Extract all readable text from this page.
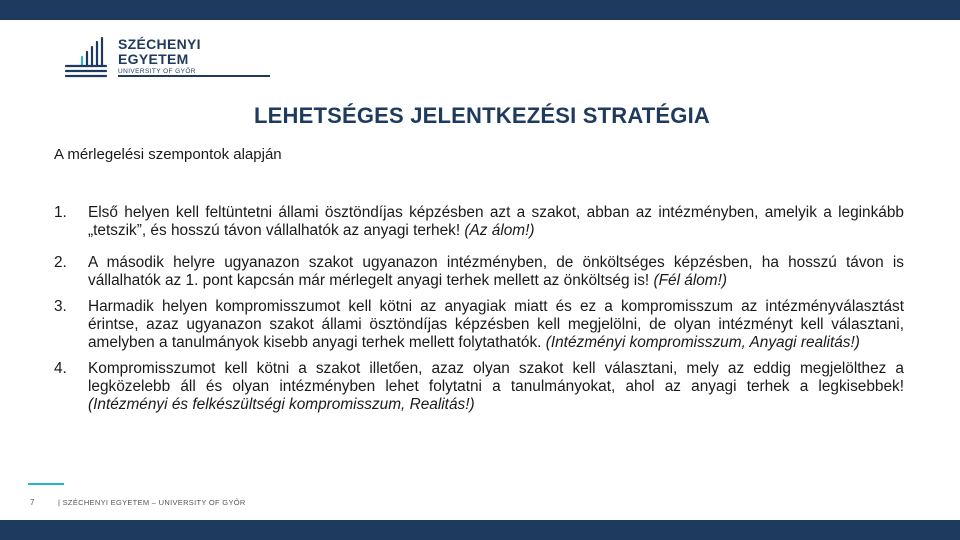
SZÉCHENYI
EGYETEM
UNIVERSITY OF GYŐR
LEHETSÉGES JELENTKEZÉSI STRATÉGIA
A mérlegelési szempontok alapján
1.	Első helyen kell feltüntetni állami ösztöndíjas képzésben azt a szakot, abban az intézményben, amelyik a leginkább „tetszik”, és hosszú távon vállalhatók az anyagi terhek! (Az álom!)
2.	A második helyre ugyanazon szakot ugyanazon intézményben, de önköltséges képzésben, ha hosszú távon is vállalhatók az 1. pont kapcsán már mérlegelt anyagi terhek mellett az önköltség is! (Fél álom!)
3.	Harmadik helyen kompromisszumot kell kötni az anyagiak miatt és ez a kompromisszum az intézményválasztást érintse, azaz ugyanazon szakot állami ösztöndíjas képzésben kell megjelölni, de olyan intézményt kell választani, amelyben a tanulmányok kisebb anyagi terhek mellett folytathatók. (Intézményi kompromisszum, Anyagi realitás!)
4.	Kompromisszumot kell kötni a szakot illetően, azaz olyan szakot kell választani, mely az eddig megjelölthez a legközelebb áll és olyan intézményben lehet folytatni a tanulmányokat, ahol az anyagi terhek a legkisebbek! (Intézményi és felkészültségi kompromisszum, Realitás!)
7	| SZÉCHENYI EGYETEM – UNIVERSITY OF GYŐR
